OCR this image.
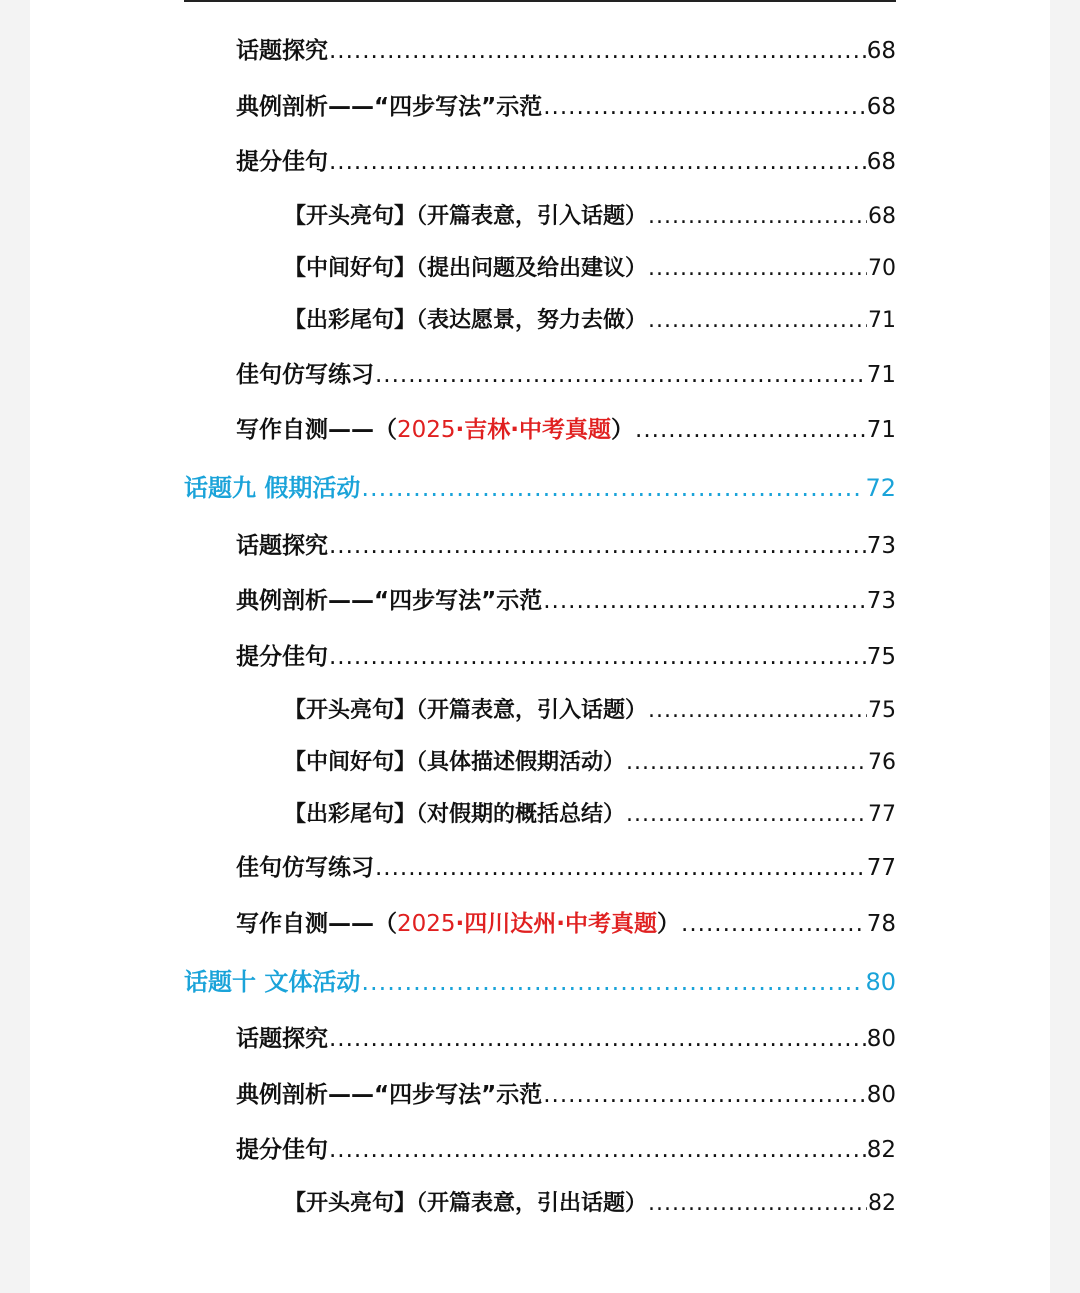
话题探究 .....	68
典例剖析——“四步写法”示范 .....	68
提分佳句 .....	68
【开头亮句】（开篇表意，引入话题） .....	68
【中间好句】（提出问题及给出建议） .....	70
【出彩尾句】（表达愿景，努力去做） .....	71
佳句仿写练习 .....	71
写作自测——（ 2025 ·吉林·中考真题 ） .....	71
话题九 假期活动 .....	72
话题探究 .....	73
典例剖析——“四步写法”示范 .....	73
提分佳句 .....	75
【开头亮句】（开篇表意，引入话题） .....	75
【中间好句】（具体描述假期活动） .....	76
【出彩尾句】（对假期的概括总结） .....	77
佳句仿写练习 .....	77
写作自测——（ 2025 ·四川达州·中考真题 ） .....	78
话题十 文体活动 .....	80
话题探究 .....	80
典例剖析——“四步写法”示范 .....	80
提分佳句 .....	82
【开头亮句】（开篇表意，引出话题） .....	82
